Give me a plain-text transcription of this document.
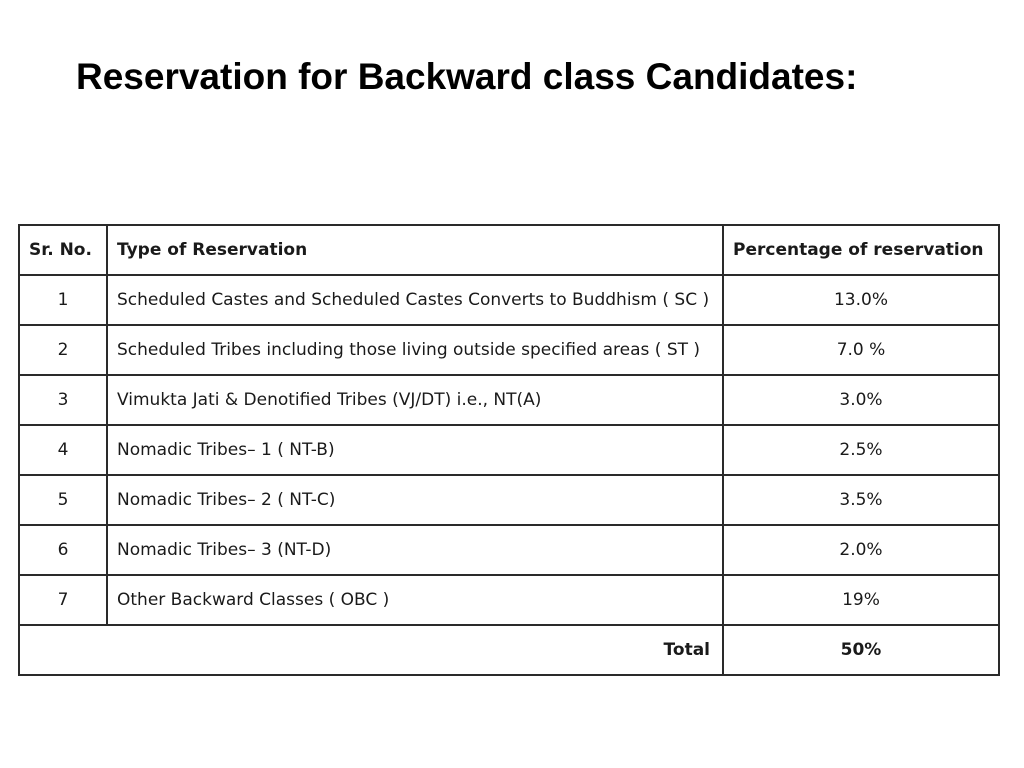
Reservation for Backward class Candidates:
Sr. No.	Type of Reservation	Percentage of reservation
1	Scheduled Castes and Scheduled Castes Converts to Buddhism ( SC )	13.0%
2	Scheduled Tribes including those living outside specified areas ( ST )	7.0 %
3	Vimukta Jati & Denotified Tribes (VJ/DT) i.e., NT(A)	3.0%
4	Nomadic Tribes– 1 ( NT-B)	2.5%
5	Nomadic Tribes– 2 ( NT-C)	3.5%
6	Nomadic Tribes– 3 (NT-D)	2.0%
7	Other Backward Classes ( OBC )	19%
Total		50%
